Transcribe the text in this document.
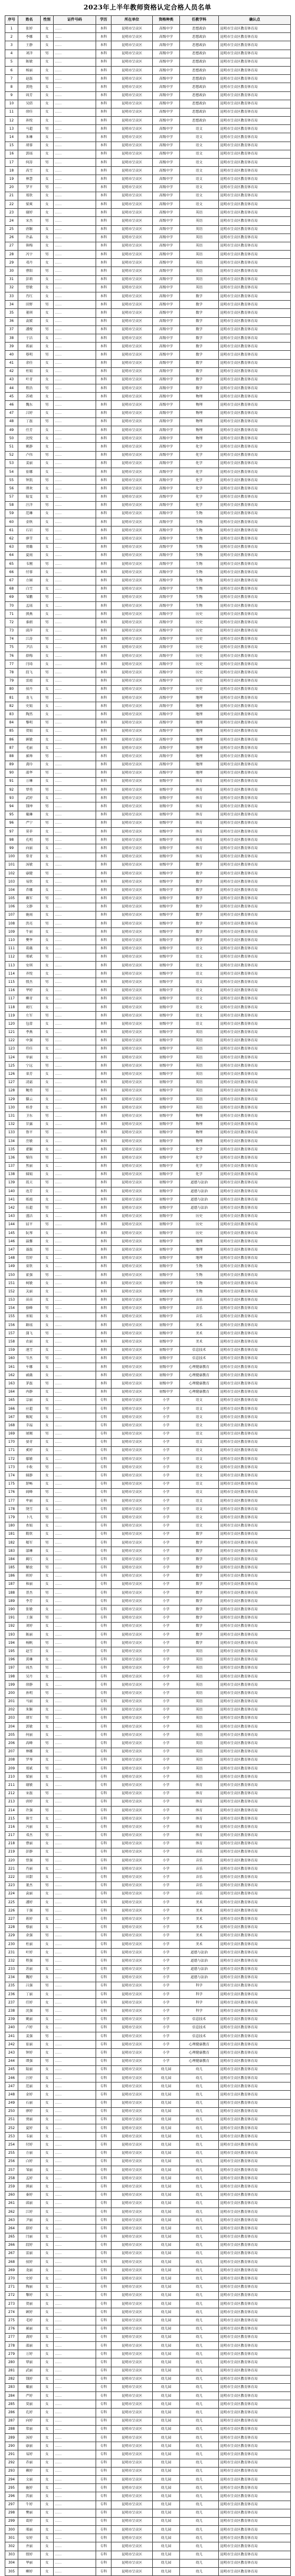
2023年上半年教师资格认定合格人员名单
序号	姓名	性别	证件号码	学历	所在单位	资格种类	任教学科	确认点
1	张婷	女	……	本科	昆明市呈贡区	高级中学	思想政治	昆明市呈贡区教育体育局
2	李娜	女	……	本科	昆明市呈贡区	高级中学	思想政治	昆明市呈贡区教育体育局
3	王静	女	……	本科	昆明市呈贡区	高级中学	思想政治	昆明市呈贡区教育体育局
4	刘洋	男	……	本科	昆明市呈贡区	高级中学	思想政治	昆明市呈贡区教育体育局
5	陈敏	女	……	本科	昆明市呈贡区	高级中学	思想政治	昆明市呈贡区教育体育局
6	杨丽	女	……	本科	昆明市呈贡区	高级中学	思想政治	昆明市呈贡区教育体育局
7	赵磊	男	……	本科	昆明市呈贡区	高级中学	思想政治	昆明市呈贡区教育体育局
8	黄艳	女	……	本科	昆明市呈贡区	高级中学	思想政治	昆明市呈贡区教育体育局
9	周芳	女	……	本科	昆明市呈贡区	高级中学	思想政治	昆明市呈贡区教育体育局
10	吴倩	女	……	本科	昆明市呈贡区	高级中学	思想政治	昆明市呈贡区教育体育局
11	徐佳	女	……	本科	昆明市呈贡区	高级中学	思想政治	昆明市呈贡区教育体育局
12	孙悦	女	……	本科	昆明市呈贡区	高级中学	思想政治	昆明市呈贡区教育体育局
13	马超	男	……	本科	昆明市呈贡区	高级中学	语文	昆明市呈贡区教育体育局
14	朱琳	女	……	本科	昆明市呈贡区	高级中学	语文	昆明市呈贡区教育体育局
15	胡蓉	女	……	本科	昆明市呈贡区	高级中学	语文	昆明市呈贡区教育体育局
16	郭瑶	女	……	本科	昆明市呈贡区	高级中学	语文	昆明市呈贡区教育体育局
17	何涛	男	……	本科	昆明市呈贡区	高级中学	语文	昆明市呈贡区教育体育局
18	高雪	女	……	本科	昆明市呈贡区	高级中学	语文	昆明市呈贡区教育体育局
19	林慧	女	……	本科	昆明市呈贡区	高级中学	语文	昆明市呈贡区教育体育局
20	罗平	男	……	本科	昆明市呈贡区	高级中学	语文	昆明市呈贡区教育体育局
21	郑欣	女	……	本科	昆明市呈贡区	高级中学	语文	昆明市呈贡区教育体育局
22	梁爽	女	……	本科	昆明市呈贡区	高级中学	语文	昆明市呈贡区教育体育局
23	谢婷	女	……	本科	昆明市呈贡区	高级中学	英语	昆明市呈贡区教育体育局
24	宋杰	男	……	本科	昆明市呈贡区	高级中学	英语	昆明市呈贡区教育体育局
25	唐颖	女	……	本科	昆明市呈贡区	高级中学	英语	昆明市呈贡区教育体育局
26	许晶	女	……	本科	昆明市呈贡区	高级中学	英语	昆明市呈贡区教育体育局
27	韩梅	女	……	本科	昆明市呈贡区	高级中学	英语	昆明市呈贡区教育体育局
28	冯宇	男	……	本科	昆明市呈贡区	高级中学	英语	昆明市呈贡区教育体育局
29	邓丹	女	……	本科	昆明市呈贡区	高级中学	英语	昆明市呈贡区教育体育局
30	曹阳	男	……	本科	昆明市呈贡区	高级中学	英语	昆明市呈贡区教育体育局
31	彭莉	女	……	本科	昆明市呈贡区	高级中学	英语	昆明市呈贡区教育体育局
32	曾敏	女	……	本科	昆明市呈贡区	高级中学	英语	昆明市呈贡区教育体育局
33	肖红	女	……	本科	昆明市呈贡区	高级中学	数学	昆明市呈贡区教育体育局
34	田野	男	……	本科	昆明市呈贡区	高级中学	数学	昆明市呈贡区教育体育局
35	董琪	女	……	本科	昆明市呈贡区	高级中学	数学	昆明市呈贡区教育体育局
36	袁媛	女	……	本科	昆明市呈贡区	高级中学	数学	昆明市呈贡区教育体育局
37	潘俊	男	……	本科	昆明市呈贡区	高级中学	数学	昆明市呈贡区教育体育局
38	于洁	女	……	本科	昆明市呈贡区	高级中学	数学	昆明市呈贡区教育体育局
39	蒋丽	女	……	本科	昆明市呈贡区	高级中学	数学	昆明市呈贡区教育体育局
40	蔡明	男	……	本科	昆明市呈贡区	高级中学	数学	昆明市呈贡区教育体育局
41	余佳	女	……	本科	昆明市呈贡区	高级中学	数学	昆明市呈贡区教育体育局
42	杜娟	女	……	本科	昆明市呈贡区	高级中学	数学	昆明市呈贡区教育体育局
43	叶青	女	……	本科	昆明市呈贡区	高级中学	数学	昆明市呈贡区教育体育局
44	程浩	男	……	本科	昆明市呈贡区	高级中学	数学	昆明市呈贡区教育体育局
45	苏晴	女	……	本科	昆明市呈贡区	高级中学	物理	昆明市呈贡区教育体育局
46	魏东	男	……	本科	昆明市呈贡区	高级中学	物理	昆明市呈贡区教育体育局
47	吕婷	女	……	本科	昆明市呈贡区	高级中学	物理	昆明市呈贡区教育体育局
48	丁磊	男	……	本科	昆明市呈贡区	高级中学	物理	昆明市呈贡区教育体育局
49	任芳	女	……	本科	昆明市呈贡区	高级中学	物理	昆明市呈贡区教育体育局
50	沈悦	女	……	本科	昆明市呈贡区	高级中学	物理	昆明市呈贡区教育体育局
51	姚静	女	……	本科	昆明市呈贡区	高级中学	化学	昆明市呈贡区教育体育局
52	卢伟	男	……	本科	昆明市呈贡区	高级中学	化学	昆明市呈贡区教育体育局
53	姜丽	女	……	本科	昆明市呈贡区	高级中学	化学	昆明市呈贡区教育体育局
54	崔娜	女	……	本科	昆明市呈贡区	高级中学	化学	昆明市呈贡区教育体育局
55	钟凯	男	……	本科	昆明市呈贡区	高级中学	化学	昆明市呈贡区教育体育局
56	谭欢	女	……	本科	昆明市呈贡区	高级中学	化学	昆明市呈贡区教育体育局
57	陆雯	女	……	本科	昆明市呈贡区	高级中学	化学	昆明市呈贡区教育体育局
58	汪洋	男	……	本科	昆明市呈贡区	高级中学	化学	昆明市呈贡区教育体育局
59	范琳	女	……	本科	昆明市呈贡区	高级中学	生物	昆明市呈贡区教育体育局
60	金秋	女	……	本科	昆明市呈贡区	高级中学	生物	昆明市呈贡区教育体育局
61	石岩	男	……	本科	昆明市呈贡区	高级中学	生物	昆明市呈贡区教育体育局
62	廖莹	女	……	本科	昆明市呈贡区	高级中学	生物	昆明市呈贡区教育体育局
63	贾璐	女	……	本科	昆明市呈贡区	高级中学	生物	昆明市呈贡区教育体育局
64	夏雨	女	……	本科	昆明市呈贡区	高级中学	生物	昆明市呈贡区教育体育局
65	韦刚	男	……	本科	昆明市呈贡区	高级中学	生物	昆明市呈贡区教育体育局
66	付蓉	女	……	本科	昆明市呈贡区	高级中学	生物	昆明市呈贡区教育体育局
67	方圆	女	……	本科	昆明市呈贡区	高级中学	生物	昆明市呈贡区教育体育局
68	白雪	女	……	本科	昆明市呈贡区	高级中学	生物	昆明市呈贡区教育体育局
69	邹鹏	男	……	本科	昆明市呈贡区	高级中学	生物	昆明市呈贡区教育体育局
70	孟瑶	女	……	本科	昆明市呈贡区	高级中学	生物	昆明市呈贡区教育体育局
71	熊燕	女	……	本科	昆明市呈贡区	高级中学	历史	昆明市呈贡区教育体育局
72	秦朗	男	……	本科	昆明市呈贡区	高级中学	历史	昆明市呈贡区教育体育局
73	邱萍	女	……	本科	昆明市呈贡区	高级中学	历史	昆明市呈贡区教育体育局
74	江涛	男	……	本科	昆明市呈贡区	高级中学	历史	昆明市呈贡区教育体育局
75	尹洁	女	……	本科	昆明市呈贡区	高级中学	历史	昆明市呈贡区教育体育局
76	薛梅	女	……	本科	昆明市呈贡区	高级中学	历史	昆明市呈贡区教育体育局
77	闫琦	女	……	本科	昆明市呈贡区	高级中学	历史	昆明市呈贡区教育体育局
78	段飞	男	……	本科	昆明市呈贡区	高级中学	历史	昆明市呈贡区教育体育局
79	雷霞	女	……	本科	昆明市呈贡区	高级中学	历史	昆明市呈贡区教育体育局
80	侯丹	女	……	本科	昆明市呈贡区	高级中学	历史	昆明市呈贡区教育体育局
81	龙飞	男	……	本科	昆明市呈贡区	高级中学	地理	昆明市呈贡区教育体育局
82	史娟	女	……	本科	昆明市呈贡区	高级中学	地理	昆明市呈贡区教育体育局
83	陶然	女	……	本科	昆明市呈贡区	高级中学	地理	昆明市呈贡区教育体育局
84	黎明	男	……	本科	昆明市呈贡区	高级中学	地理	昆明市呈贡区教育体育局
85	贺娟	女	……	本科	昆明市呈贡区	高级中学	地理	昆明市呈贡区教育体育局
86	顾敏	女	……	本科	昆明市呈贡区	高级中学	地理	昆明市呈贡区教育体育局
87	毛丽	女	……	本科	昆明市呈贡区	高级中学	地理	昆明市呈贡区教育体育局
88	郝帅	男	……	本科	昆明市呈贡区	高级中学	地理	昆明市呈贡区教育体育局
89	龚玲	女	……	本科	昆明市呈贡区	高级中学	地理	昆明市呈贡区教育体育局
90	邵华	男	……	本科	昆明市呈贡区	高级中学	地理	昆明市呈贡区教育体育局
91	万琳	女	……	本科	昆明市呈贡区	初级中学	体育	昆明市呈贡区教育体育局
92	覃勇	男	……	本科	昆明市呈贡区	初级中学	体育	昆明市呈贡区教育体育局
93	武婷	女	……	本科	昆明市呈贡区	初级中学	体育	昆明市呈贡区教育体育局
94	钱坤	男	……	本科	昆明市呈贡区	初级中学	体育	昆明市呈贡区教育体育局
95	戴琳	女	……	本科	昆明市呈贡区	初级中学	体育	昆明市呈贡区教育体育局
96	严宁	男	……	本科	昆明市呈贡区	初级中学	体育	昆明市呈贡区教育体育局
97	莫菲	女	……	本科	昆明市呈贡区	初级中学	体育	昆明市呈贡区教育体育局
98	孔明	男	……	本科	昆明市呈贡区	初级中学	体育	昆明市呈贡区教育体育局
99	向丽	女	……	本科	昆明市呈贡区	初级中学	体育	昆明市呈贡区教育体育局
100	常青	女	……	本科	昆明市呈贡区	初级中学	体育	昆明市呈贡区教育体育局
101	汤敏	女	……	本科	昆明市呈贡区	初级中学	数学	昆明市呈贡区教育体育局
102	康健	男	……	本科	昆明市呈贡区	初级中学	数学	昆明市呈贡区教育体育局
103	易欣	女	……	本科	昆明市呈贡区	初级中学	数学	昆明市呈贡区教育体育局
104	乔娜	女	……	本科	昆明市呈贡区	初级中学	数学	昆明市呈贡区教育体育局
105	赖军	男	……	本科	昆明市呈贡区	初级中学	数学	昆明市呈贡区教育体育局
106	文静	女	……	本科	昆明市呈贡区	初级中学	数学	昆明市呈贡区教育体育局
107	施雨	女	……	本科	昆明市呈贡区	初级中学	数学	昆明市呈贡区教育体育局
108	洪亮	男	……	本科	昆明市呈贡区	初级中学	数学	昆明市呈贡区教育体育局
109	牛丽	女	……	本科	昆明市呈贡区	初级中学	数学	昆明市呈贡区教育体育局
110	樊华	女	……	本科	昆明市呈贡区	初级中学	数学	昆明市呈贡区教育体育局
111	葛薇	女	……	本科	昆明市呈贡区	初级中学	语文	昆明市呈贡区教育体育局
112	邢斌	男	……	本科	昆明市呈贡区	初级中学	语文	昆明市呈贡区教育体育局
113	安琪	女	……	本科	昆明市呈贡区	初级中学	语文	昆明市呈贡区教育体育局
114	齐悦	女	……	本科	昆明市呈贡区	初级中学	语文	昆明市呈贡区教育体育局
115	殷杰	男	……	本科	昆明市呈贡区	初级中学	语文	昆明市呈贡区教育体育局
116	华婷	女	……	本科	昆明市呈贡区	初级中学	语文	昆明市呈贡区教育体育局
117	柳青	女	……	本科	昆明市呈贡区	初级中学	语文	昆明市呈贡区教育体育局
118	祝红	女	……	本科	昆明市呈贡区	初级中学	语文	昆明市呈贡区教育体育局
119	左军	男	……	本科	昆明市呈贡区	初级中学	语文	昆明市呈贡区教育体育局
120	包蕾	女	……	本科	昆明市呈贡区	初级中学	语文	昆明市呈贡区教育体育局
121	季燕	女	……	本科	昆明市呈贡区	初级中学	英语	昆明市呈贡区教育体育局
122	申强	男	……	本科	昆明市呈贡区	初级中学	英语	昆明市呈贡区教育体育局
123	符佳	女	……	本科	昆明市呈贡区	初级中学	英语	昆明市呈贡区教育体育局
124	单丽	女	……	本科	昆明市呈贡区	初级中学	英语	昆明市呈贡区教育体育局
125	宁远	男	……	本科	昆明市呈贡区	初级中学	英语	昆明市呈贡区教育体育局
126	栾芳	女	……	本科	昆明市呈贡区	初级中学	英语	昆明市呈贡区教育体育局
127	凌霜	女	……	本科	昆明市呈贡区	初级中学	英语	昆明市呈贡区教育体育局
128	鲍勇	男	……	本科	昆明市呈贡区	初级中学	英语	昆明市呈贡区教育体育局
129	滕云	女	……	本科	昆明市呈贡区	初级中学	英语	昆明市呈贡区教育体育局
130	桂香	女	……	本科	昆明市呈贡区	初级中学	英语	昆明市呈贡区教育体育局
131	卫东	男	……	本科	昆明市呈贡区	初级中学	物理	昆明市呈贡区教育体育局
132	甘露	女	……	本科	昆明市呈贡区	初级中学	物理	昆明市呈贡区教育体育局
133	鲁平	男	……	本科	昆明市呈贡区	初级中学	物理	昆明市呈贡区教育体育局
134	岳敏	女	……	本科	昆明市呈贡区	初级中学	物理	昆明市呈贡区教育体育局
135	翟颖	女	……	本科	昆明市呈贡区	初级中学	化学	昆明市呈贡区教育体育局
136	柴伟	男	……	本科	昆明市呈贡区	初级中学	化学	昆明市呈贡区教育体育局
137	焦丽	女	……	本科	昆明市呈贡区	初级中学	化学	昆明市呈贡区教育体育局
138	储娟	女	……	本科	昆明市呈贡区	初级中学	化学	昆明市呈贡区教育体育局
139	蓝天	男	……	本科	昆明市呈贡区	初级中学	道德与法治	昆明市呈贡区教育体育局
140	连芳	女	……	本科	昆明市呈贡区	初级中学	道德与法治	昆明市呈贡区教育体育局
141	练霞	女	……	本科	昆明市呈贡区	初级中学	道德与法治	昆明市呈贡区教育体育局
142	伍超	男	……	本科	昆明市呈贡区	初级中学	道德与法治	昆明市呈贡区教育体育局
143	盛洁	女	……	本科	昆明市呈贡区	初级中学	历史	昆明市呈贡区教育体育局
144	屈平	男	……	本科	昆明市呈贡区	初级中学	历史	昆明市呈贡区教育体育局
145	阮琴	女	……	本科	昆明市呈贡区	初级中学	历史	昆明市呈贡区教育体育局
146	温馨	女	……	本科	昆明市呈贡区	初级中学	地理	昆明市呈贡区教育体育局
147	聂磊	男	……	本科	昆明市呈贡区	初级中学	地理	昆明市呈贡区教育体育局
148	管婷	女	……	本科	昆明市呈贡区	初级中学	地理	昆明市呈贡区教育体育局
149	童欣	女	……	本科	昆明市呈贡区	初级中学	生物	昆明市呈贡区教育体育局
150	霍强	男	……	本科	昆明市呈贡区	初级中学	生物	昆明市呈贡区教育体育局
151	柯敏	女	……	本科	昆明市呈贡区	初级中学	生物	昆明市呈贡区教育体育局
152	关丽	女	……	本科	昆明市呈贡区	初级中学	生物	昆明市呈贡区教育体育局
153	苗苗	女	……	本科	昆明市呈贡区	初级中学	音乐	昆明市呈贡区教育体育局
154	骆峰	男	……	本科	昆明市呈贡区	初级中学	音乐	昆明市呈贡区教育体育局
155	巫娟	女	……	本科	昆明市呈贡区	初级中学	音乐	昆明市呈贡区教育体育局
156	路瑶	女	……	本科	昆明市呈贡区	初级中学	美术	昆明市呈贡区教育体育局
157	蒲飞	男	……	本科	昆明市呈贡区	初级中学	美术	昆明市呈贡区教育体育局
158	农丽	女	……	本科	昆明市呈贡区	初级中学	美术	昆明市呈贡区教育体育局
159	池雪	女	……	本科	昆明市呈贡区	初级中学	信息技术	昆明市呈贡区教育体育局
160	岑杰	男	……	本科	昆明市呈贡区	初级中学	信息技术	昆明市呈贡区教育体育局
161	车娜	女	……	本科	昆明市呈贡区	初级中学	心理健康教育	昆明市呈贡区教育体育局
162	戚薇	女	……	本科	昆明市呈贡区	初级中学	心理健康教育	昆明市呈贡区教育体育局
163	茅磊	男	……	本科	昆明市呈贡区	初级中学	心理健康教育	昆明市呈贡区教育体育局
164	冉静	女	……	本科	昆明市呈贡区	初级中学	心理健康教育	昆明市呈贡区教育体育局
165	宗丽	女	……	专科	昆明市呈贡区	小学	语文	昆明市呈贡区教育体育局
166	应超	男	……	专科	昆明市呈贡区	小学	语文	昆明市呈贡区教育体育局
167	甄妮	女	……	专科	昆明市呈贡区	小学	语文	昆明市呈贡区教育体育局
168	幸福	女	……	专科	昆明市呈贡区	小学	语文	昆明市呈贡区教育体育局
169	屠刚	男	……	专科	昆明市呈贡区	小学	语文	昆明市呈贡区教育体育局
170	晏青	女	……	专科	昆明市呈贡区	小学	语文	昆明市呈贡区教育体育局
171	奚婷	女	……	专科	昆明市呈贡区	小学	语文	昆明市呈贡区教育体育局
172	鄢敏	女	……	专科	昆明市呈贡区	小学	语文	昆明市呈贡区教育体育局
173	丰收	男	……	专科	昆明市呈贡区	小学	语文	昆明市呈贡区教育体育局
174	储静	女	……	专科	昆明市呈贡区	小学	语文	昆明市呈贡区教育体育局
175	舒畅	女	……	专科	昆明市呈贡区	小学	语文	昆明市呈贡区教育体育局
176	阎峰	男	……	专科	昆明市呈贡区	小学	语文	昆明市呈贡区教育体育局
177	牟丽	女	……	专科	昆明市呈贡区	小学	语文	昆明市呈贡区教育体育局
178	饶雪	女	……	专科	昆明市呈贡区	小学	语文	昆明市呈贡区教育体育局
179	卜凡	男	……	专科	昆明市呈贡区	小学	语文	昆明市呈贡区教育体育局
180	查娟	女	……	专科	昆明市呈贡区	小学	语文	昆明市呈贡区教育体育局
181	隋欣	女	……	专科	昆明市呈贡区	小学	数学	昆明市呈贡区教育体育局
182	嵇军	男	……	专科	昆明市呈贡区	小学	数学	昆明市呈贡区教育体育局
183	邬琳	女	……	专科	昆明市呈贡区	小学	数学	昆明市呈贡区教育体育局
184	蔺红	女	……	专科	昆明市呈贡区	小学	数学	昆明市呈贡区教育体育局
185	解放	男	……	专科	昆明市呈贡区	小学	数学	昆明市呈贡区教育体育局
186	班婷	女	……	专科	昆明市呈贡区	小学	数学	昆明市呈贡区教育体育局
187	和丽	女	……	专科	昆明市呈贡区	小学	数学	昆明市呈贡区教育体育局
188	普杰	男	……	专科	昆明市呈贡区	小学	数学	昆明市呈贡区教育体育局
189	李芳	女	……	专科	昆明市呈贡区	小学	数学	昆明市呈贡区教育体育局
190	张敏	女	……	专科	昆明市呈贡区	小学	数学	昆明市呈贡区教育体育局
191	王强	男	……	专科	昆明市呈贡区	小学	数学	昆明市呈贡区教育体育局
192	刘婷	女	……	专科	昆明市呈贡区	小学	数学	昆明市呈贡区教育体育局
193	陈丽	女	……	专科	昆明市呈贡区	小学	数学	昆明市呈贡区教育体育局
194	杨帆	男	……	专科	昆明市呈贡区	小学	数学	昆明市呈贡区教育体育局
195	赵雪	女	……	专科	昆明市呈贡区	小学	英语	昆明市呈贡区教育体育局
196	黄琳	女	……	专科	昆明市呈贡区	小学	英语	昆明市呈贡区教育体育局
197	周杰	男	……	专科	昆明市呈贡区	小学	英语	昆明市呈贡区教育体育局
198	吴丹	女	……	专科	昆明市呈贡区	小学	英语	昆明市呈贡区教育体育局
199	徐静	女	……	专科	昆明市呈贡区	小学	英语	昆明市呈贡区教育体育局
200	孙明	男	……	专科	昆明市呈贡区	小学	英语	昆明市呈贡区教育体育局
201	马丽	女	……	专科	昆明市呈贡区	小学	英语	昆明市呈贡区教育体育局
202	朱颖	女	……	专科	昆明市呈贡区	小学	英语	昆明市呈贡区教育体育局
203	胡军	男	……	专科	昆明市呈贡区	小学	英语	昆明市呈贡区教育体育局
204	郭敏	女	……	专科	昆明市呈贡区	小学	英语	昆明市呈贡区教育体育局
205	何丽	女	……	专科	昆明市呈贡区	小学	英语	昆明市呈贡区教育体育局
206	高峰	男	……	专科	昆明市呈贡区	小学	英语	昆明市呈贡区教育体育局
207	林娜	女	……	专科	昆明市呈贡区	小学	英语	昆明市呈贡区教育体育局
208	罗琴	女	……	专科	昆明市呈贡区	小学	英语	昆明市呈贡区教育体育局
209	郑斌	男	……	专科	昆明市呈贡区	小学	英语	昆明市呈贡区教育体育局
210	梁丽	女	……	专科	昆明市呈贡区	小学	英语	昆明市呈贡区教育体育局
211	谢敏	女	……	专科	昆明市呈贡区	小学	体育	昆明市呈贡区教育体育局
212	宋磊	男	……	专科	昆明市呈贡区	小学	体育	昆明市呈贡区教育体育局
213	唐婷	女	……	专科	昆明市呈贡区	小学	体育	昆明市呈贡区教育体育局
214	许强	男	……	专科	昆明市呈贡区	小学	体育	昆明市呈贡区教育体育局
215	韩雪	女	……	专科	昆明市呈贡区	小学	体育	昆明市呈贡区教育体育局
216	冯丽	女	……	专科	昆明市呈贡区	小学	体育	昆明市呈贡区教育体育局
217	邓杰	男	……	专科	昆明市呈贡区	小学	体育	昆明市呈贡区教育体育局
218	曹丽	女	……	专科	昆明市呈贡区	小学	体育	昆明市呈贡区教育体育局
219	彭静	女	……	专科	昆明市呈贡区	小学	音乐	昆明市呈贡区教育体育局
220	曾强	男	……	专科	昆明市呈贡区	小学	音乐	昆明市呈贡区教育体育局
221	肖丽	女	……	专科	昆明市呈贡区	小学	音乐	昆明市呈贡区教育体育局
222	田甜	女	……	专科	昆明市呈贡区	小学	音乐	昆明市呈贡区教育体育局
223	董杰	男	……	专科	昆明市呈贡区	小学	音乐	昆明市呈贡区教育体育局
224	袁丽	女	……	专科	昆明市呈贡区	小学	音乐	昆明市呈贡区教育体育局
225	潘婷	女	……	专科	昆明市呈贡区	小学	美术	昆明市呈贡区教育体育局
226	于强	男	……	专科	昆明市呈贡区	小学	美术	昆明市呈贡区教育体育局
227	蒋婷	女	……	专科	昆明市呈贡区	小学	美术	昆明市呈贡区教育体育局
228	蔡丽	女	……	专科	昆明市呈贡区	小学	美术	昆明市呈贡区教育体育局
229	余强	男	……	专科	昆明市呈贡区	小学	美术	昆明市呈贡区教育体育局
230	杜丽	女	……	专科	昆明市呈贡区	小学	美术	昆明市呈贡区教育体育局
231	叶婷	女	……	专科	昆明市呈贡区	小学	道德与法治	昆明市呈贡区教育体育局
232	程强	男	……	专科	昆明市呈贡区	小学	道德与法治	昆明市呈贡区教育体育局
233	苏丽	女	……	专科	昆明市呈贡区	小学	道德与法治	昆明市呈贡区教育体育局
234	魏婷	女	……	专科	昆明市呈贡区	小学	道德与法治	昆明市呈贡区教育体育局
235	吕强	男	……	专科	昆明市呈贡区	小学	科学	昆明市呈贡区教育体育局
236	丁丽	女	……	专科	昆明市呈贡区	小学	科学	昆明市呈贡区教育体育局
237	任婷	女	……	专科	昆明市呈贡区	小学	科学	昆明市呈贡区教育体育局
238	沈强	男	……	专科	昆明市呈贡区	小学	科学	昆明市呈贡区教育体育局
239	姚丽	女	……	专科	昆明市呈贡区	小学	信息技术	昆明市呈贡区教育体育局
240	卢婷	女	……	专科	昆明市呈贡区	小学	信息技术	昆明市呈贡区教育体育局
241	姜强	男	……	专科	昆明市呈贡区	小学	信息技术	昆明市呈贡区教育体育局
242	崔丽	女	……	专科	昆明市呈贡区	小学	心理健康教育	昆明市呈贡区教育体育局
243	钟婷	女	……	专科	昆明市呈贡区	小学	心理健康教育	昆明市呈贡区教育体育局
244	谭强	男	……	专科	昆明市呈贡区	小学	心理健康教育	昆明市呈贡区教育体育局
245	陆丽	女	……	专科	昆明市呈贡区	幼儿园	幼儿	昆明市呈贡区教育体育局
246	汪婷	女	……	专科	昆明市呈贡区	幼儿园	幼儿	昆明市呈贡区教育体育局
247	范丽	女	……	专科	昆明市呈贡区	幼儿园	幼儿	昆明市呈贡区教育体育局
248	金婷	女	……	专科	昆明市呈贡区	幼儿园	幼儿	昆明市呈贡区教育体育局
249	石丽	女	……	专科	昆明市呈贡区	幼儿园	幼儿	昆明市呈贡区教育体育局
250	廖婷	女	……	专科	昆明市呈贡区	幼儿园	幼儿	昆明市呈贡区教育体育局
251	贾丽	女	……	专科	昆明市呈贡区	幼儿园	幼儿	昆明市呈贡区教育体育局
252	夏婷	女	……	专科	昆明市呈贡区	幼儿园	幼儿	昆明市呈贡区教育体育局
253	韦丽	女	……	专科	昆明市呈贡区	幼儿园	幼儿	昆明市呈贡区教育体育局
254	付婷	女	……	专科	昆明市呈贡区	幼儿园	幼儿	昆明市呈贡区教育体育局
255	方丽	女	……	专科	昆明市呈贡区	幼儿园	幼儿	昆明市呈贡区教育体育局
256	白婷	女	……	专科	昆明市呈贡区	幼儿园	幼儿	昆明市呈贡区教育体育局
257	邹丽	女	……	专科	昆明市呈贡区	幼儿园	幼儿	昆明市呈贡区教育体育局
258	孟婷	女	……	专科	昆明市呈贡区	幼儿园	幼儿	昆明市呈贡区教育体育局
259	熊丽	女	……	专科	昆明市呈贡区	幼儿园	幼儿	昆明市呈贡区教育体育局
260	秦婷	女	……	专科	昆明市呈贡区	幼儿园	幼儿	昆明市呈贡区教育体育局
261	邱丽	女	……	专科	昆明市呈贡区	幼儿园	幼儿	昆明市呈贡区教育体育局
262	江婷	女	……	专科	昆明市呈贡区	幼儿园	幼儿	昆明市呈贡区教育体育局
263	尹丽	女	……	专科	昆明市呈贡区	幼儿园	幼儿	昆明市呈贡区教育体育局
264	薛婷	女	……	专科	昆明市呈贡区	幼儿园	幼儿	昆明市呈贡区教育体育局
265	闫丽	女	……	专科	昆明市呈贡区	幼儿园	幼儿	昆明市呈贡区教育体育局
266	段婷	女	……	专科	昆明市呈贡区	幼儿园	幼儿	昆明市呈贡区教育体育局
267	雷丽	女	……	专科	昆明市呈贡区	幼儿园	幼儿	昆明市呈贡区教育体育局
268	侯婷	女	……	专科	昆明市呈贡区	幼儿园	幼儿	昆明市呈贡区教育体育局
269	龙丽	女	……	专科	昆明市呈贡区	幼儿园	幼儿	昆明市呈贡区教育体育局
270	史婷	女	……	专科	昆明市呈贡区	幼儿园	幼儿	昆明市呈贡区教育体育局
271	陶丽	女	……	专科	昆明市呈贡区	幼儿园	幼儿	昆明市呈贡区教育体育局
272	黎婷	女	……	专科	昆明市呈贡区	幼儿园	幼儿	昆明市呈贡区教育体育局
273	贺丽	女	……	专科	昆明市呈贡区	幼儿园	幼儿	昆明市呈贡区教育体育局
274	顾婷	女	……	专科	昆明市呈贡区	幼儿园	幼儿	昆明市呈贡区教育体育局
275	毛婷	女	……	专科	昆明市呈贡区	幼儿园	幼儿	昆明市呈贡区教育体育局
276	郝丽	女	……	专科	昆明市呈贡区	幼儿园	幼儿	昆明市呈贡区教育体育局
277	龚婷	女	……	专科	昆明市呈贡区	幼儿园	幼儿	昆明市呈贡区教育体育局
278	邵丽	女	……	专科	昆明市呈贡区	幼儿园	幼儿	昆明市呈贡区教育体育局
279	万婷	女	……	专科	昆明市呈贡区	幼儿园	幼儿	昆明市呈贡区教育体育局
280	覃丽	女	……	专科	昆明市呈贡区	幼儿园	幼儿	昆明市呈贡区教育体育局
281	武丽	女	……	专科	昆明市呈贡区	幼儿园	幼儿	昆明市呈贡区教育体育局
282	钱婷	女	……	专科	昆明市呈贡区	幼儿园	幼儿	昆明市呈贡区教育体育局
283	戴丽	女	……	专科	昆明市呈贡区	幼儿园	幼儿	昆明市呈贡区教育体育局
284	严婷	女	……	专科	昆明市呈贡区	幼儿园	幼儿	昆明市呈贡区教育体育局
285	莫丽	女	……	专科	昆明市呈贡区	幼儿园	幼儿	昆明市呈贡区教育体育局
286	孔婷	女	……	专科	昆明市呈贡区	幼儿园	幼儿	昆明市呈贡区教育体育局
287	向婷	女	……	专科	昆明市呈贡区	幼儿园	幼儿	昆明市呈贡区教育体育局
288	常丽	女	……	专科	昆明市呈贡区	幼儿园	幼儿	昆明市呈贡区教育体育局
289	汤婷	女	……	专科	昆明市呈贡区	幼儿园	幼儿	昆明市呈贡区教育体育局
290	康丽	女	……	专科	昆明市呈贡区	幼儿园	幼儿	昆明市呈贡区教育体育局
291	易婷	女	……	专科	昆明市呈贡区	幼儿园	幼儿	昆明市呈贡区教育体育局
292	乔丽	女	……	专科	昆明市呈贡区	幼儿园	幼儿	昆明市呈贡区教育体育局
293	赖婷	女	……	专科	昆明市呈贡区	幼儿园	幼儿	昆明市呈贡区教育体育局
294	文丽	女	……	专科	昆明市呈贡区	幼儿园	幼儿	昆明市呈贡区教育体育局
295	施婷	女	……	专科	昆明市呈贡区	幼儿园	幼儿	昆明市呈贡区教育体育局
296	洪丽	女	……	专科	昆明市呈贡区	幼儿园	幼儿	昆明市呈贡区教育体育局
297	牛婷	女	……	专科	昆明市呈贡区	幼儿园	幼儿	昆明市呈贡区教育体育局
298	樊丽	女	……	专科	昆明市呈贡区	幼儿园	幼儿	昆明市呈贡区教育体育局
299	葛婷	女	……	专科	昆明市呈贡区	幼儿园	幼儿	昆明市呈贡区教育体育局
300	邢丽	女	……	专科	昆明市呈贡区	幼儿园	幼儿	昆明市呈贡区教育体育局
301	安婷	女	……	专科	昆明市呈贡区	幼儿园	幼儿	昆明市呈贡区教育体育局
302	齐丽	女	……	专科	昆明市呈贡区	幼儿园	幼儿	昆明市呈贡区教育体育局
303	殷婷	女	……	专科	昆明市呈贡区	幼儿园	幼儿	昆明市呈贡区教育体育局
304	华丽	女	……	专科	昆明市呈贡区	幼儿园	幼儿	昆明市呈贡区教育体育局
305	柳婷	女	……	专科	昆明市呈贡区	幼儿园	幼儿	昆明市呈贡区教育体育局
